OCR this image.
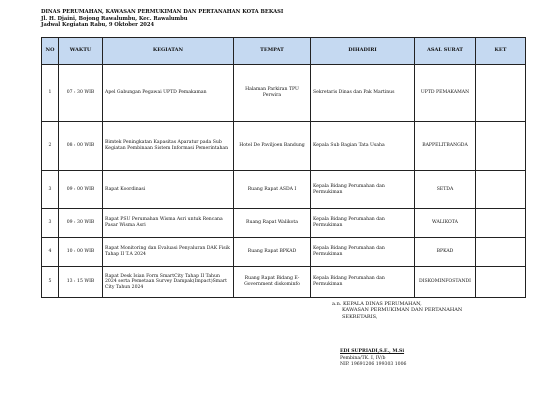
DINAS PERUMAHAN, KAWASAN PERMUKIMAN DAN PERTANAHAN KOTA BEKASI
Jl. H. Djaini, Bojong Rawalumbu, Kec. Rawalumbu
Jadwal Kegiatan Rabu, 9 Oktober 2024
NO	WAKTU	KEGIATAN	TEMPAT	DIHADIRI	ASAL SURAT	KET
1	07 : 30 WIB	Apel Gabungan Pegawai UPTD Pemakaman	Halaman Parkiran TPU Perwira	Sekretaris Dinas dan Pak Martinus	UPTD PEMAKAMAN	
2	08 : 00 WIB	Bimtek Peningkatan Kapasitas Aparatur pada Sub Kegiatan Pembinaan Sistem Informasi Pemerintahan	Hotel De Paviljoen Bandung	Kepala Sub Bagian Tata Usaha	BAPPELITBANGDA	
3	09 : 00 WIB	Rapat Koordinasi	Ruang Rapat ASDA I	Kepala Bidang Perumahan dan Permukiman	SETDA	
3	09 : 30 WIB	Rapat PSU Perumahan Wisma Asri untuk Rencana Pasar Wisma Asri	Ruang Rapat Walikota	Kepala Bidang Perumahan dan Permukiman	WALIKOTA	
4	10 : 00 WIB	Rapat Monitoring dan Evaluasi Penyaluran DAK Fisik Tahap II T.A 2024	Ruang Rapat BPKAD	Kepala Bidang Perumahan dan Permukiman	BPKAD	
5	13 : 15 WIB	Rapat Desk Isian Form SmartCity Tahap II Tahun 2024 serta Pemetaan Survey Dampak(Impact)Smart City Tahun 2024	Ruang Rapat Bidang E-Government diskominfo	Kepala Bidang Perumahan dan Permukiman	DISKOMINFOSTANDI	
a.n. KEPALA DINAS PERUMAHAN,
KAWASAN PERMUKIMAN DAN PERTANAHAN
SEKRETARIS,
EDI SUPRIADI,S.E., M.Si
Pembina/TK. I, IV/b
NIP. 19691206 199303 1006
